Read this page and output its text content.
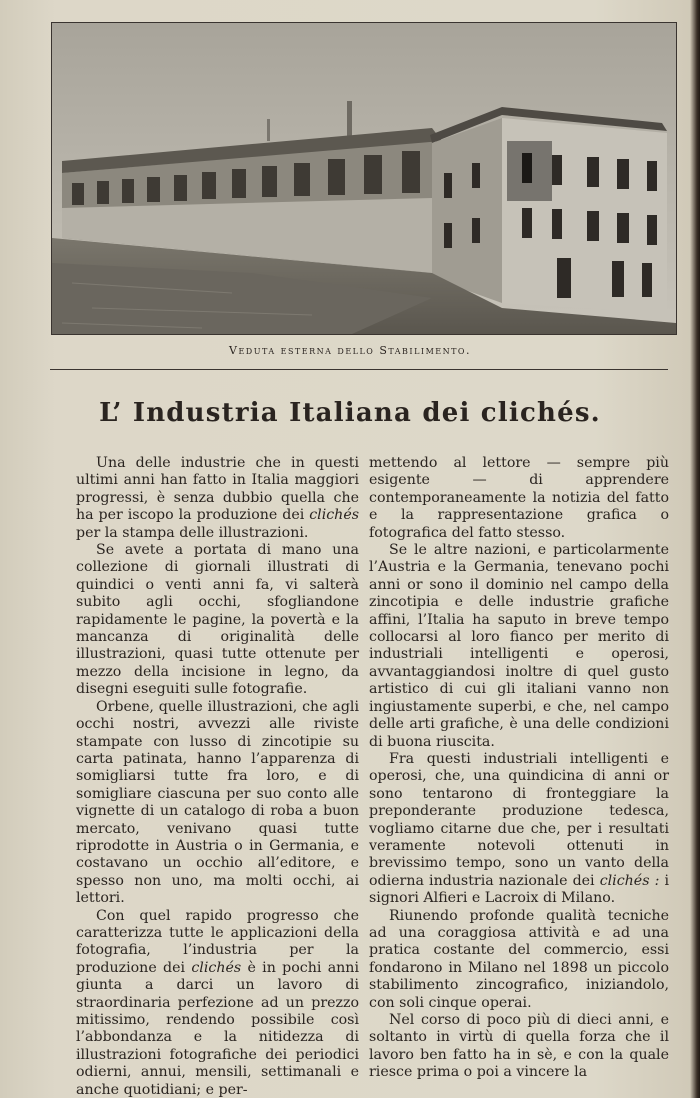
Veduta esterna dello Stabilimento.
L’ Industria Italiana dei clichés.

Una delle industrie che in questi ultimi anni han fatto in Italia maggiori progressi, è senza dubbio quella che ha per iscopo la produzione dei clichés per la stampa delle illustrazioni.

Se avete a portata di mano una collezione di giornali illustrati di quindici o venti anni fa, vi salterà subito agli occhi, sfogliandone rapidamente le pagine, la povertà e la mancanza di originalità delle illustrazioni, quasi tutte ottenute per mezzo della incisione in legno, da disegni eseguiti sulle fotografie.

Orbene, quelle illustrazioni, che agli occhi nostri, avvezzi alle riviste stampate con lusso di zincotipie su carta patinata, hanno l’apparenza di somigliarsi tutte fra loro, e di somigliare ciascuna per suo conto alle vignette di un catalogo di roba a buon mercato, venivano quasi tutte riprodotte in Austria o in Germania, e costavano un occhio all’editore, e spesso non uno, ma molti occhi, ai lettori.

Con quel rapido progresso che caratterizza tutte le applicazioni della fotografia, l’industria per la produzione dei clichés è in pochi anni giunta a darci un lavoro di straordinaria perfezione ad un prezzo mitissimo, rendendo possibile così l’abbondanza e la nitidezza di illustrazioni fotografiche dei periodici odierni, annui, mensili, settimanali e anche quotidiani; e per-

mettendo al lettore — sempre più esigente — di apprendere contemporaneamente la notizia del fatto e la rappresentazione grafica o fotografica del fatto stesso.

Se le altre nazioni, e particolarmente l’Austria e la Germania, tenevano pochi anni or sono il dominio nel campo della zincotipia e delle industrie grafiche affini, l’Italia ha saputo in breve tempo collocarsi al loro fianco per merito di industriali intelligenti e operosi, avvantaggiandosi inoltre di quel gusto artistico di cui gli italiani vanno non ingiustamente superbi, e che, nel campo delle arti grafiche, è una delle condizioni di buona riuscita.

Fra questi industriali intelligenti e operosi, che, una quindicina di anni or sono tentarono di fronteggiare la preponderante produzione tedesca, vogliamo citarne due che, per i resultati veramente notevoli ottenuti in brevissimo tempo, sono un vanto della odierna industria nazionale dei clichés : i signori Alfieri e Lacroix di Milano.

Riunendo profonde qualità tecniche ad una coraggiosa attività e ad una pratica costante del commercio, essi fondarono in Milano nel 1898 un piccolo stabilimento zincografico, iniziandolo, con soli cinque operai.

Nel corso di poco più di dieci anni, e soltanto in virtù di quella forza che il lavoro ben fatto ha in sè, e con la quale riesce prima o poi a vincere la
